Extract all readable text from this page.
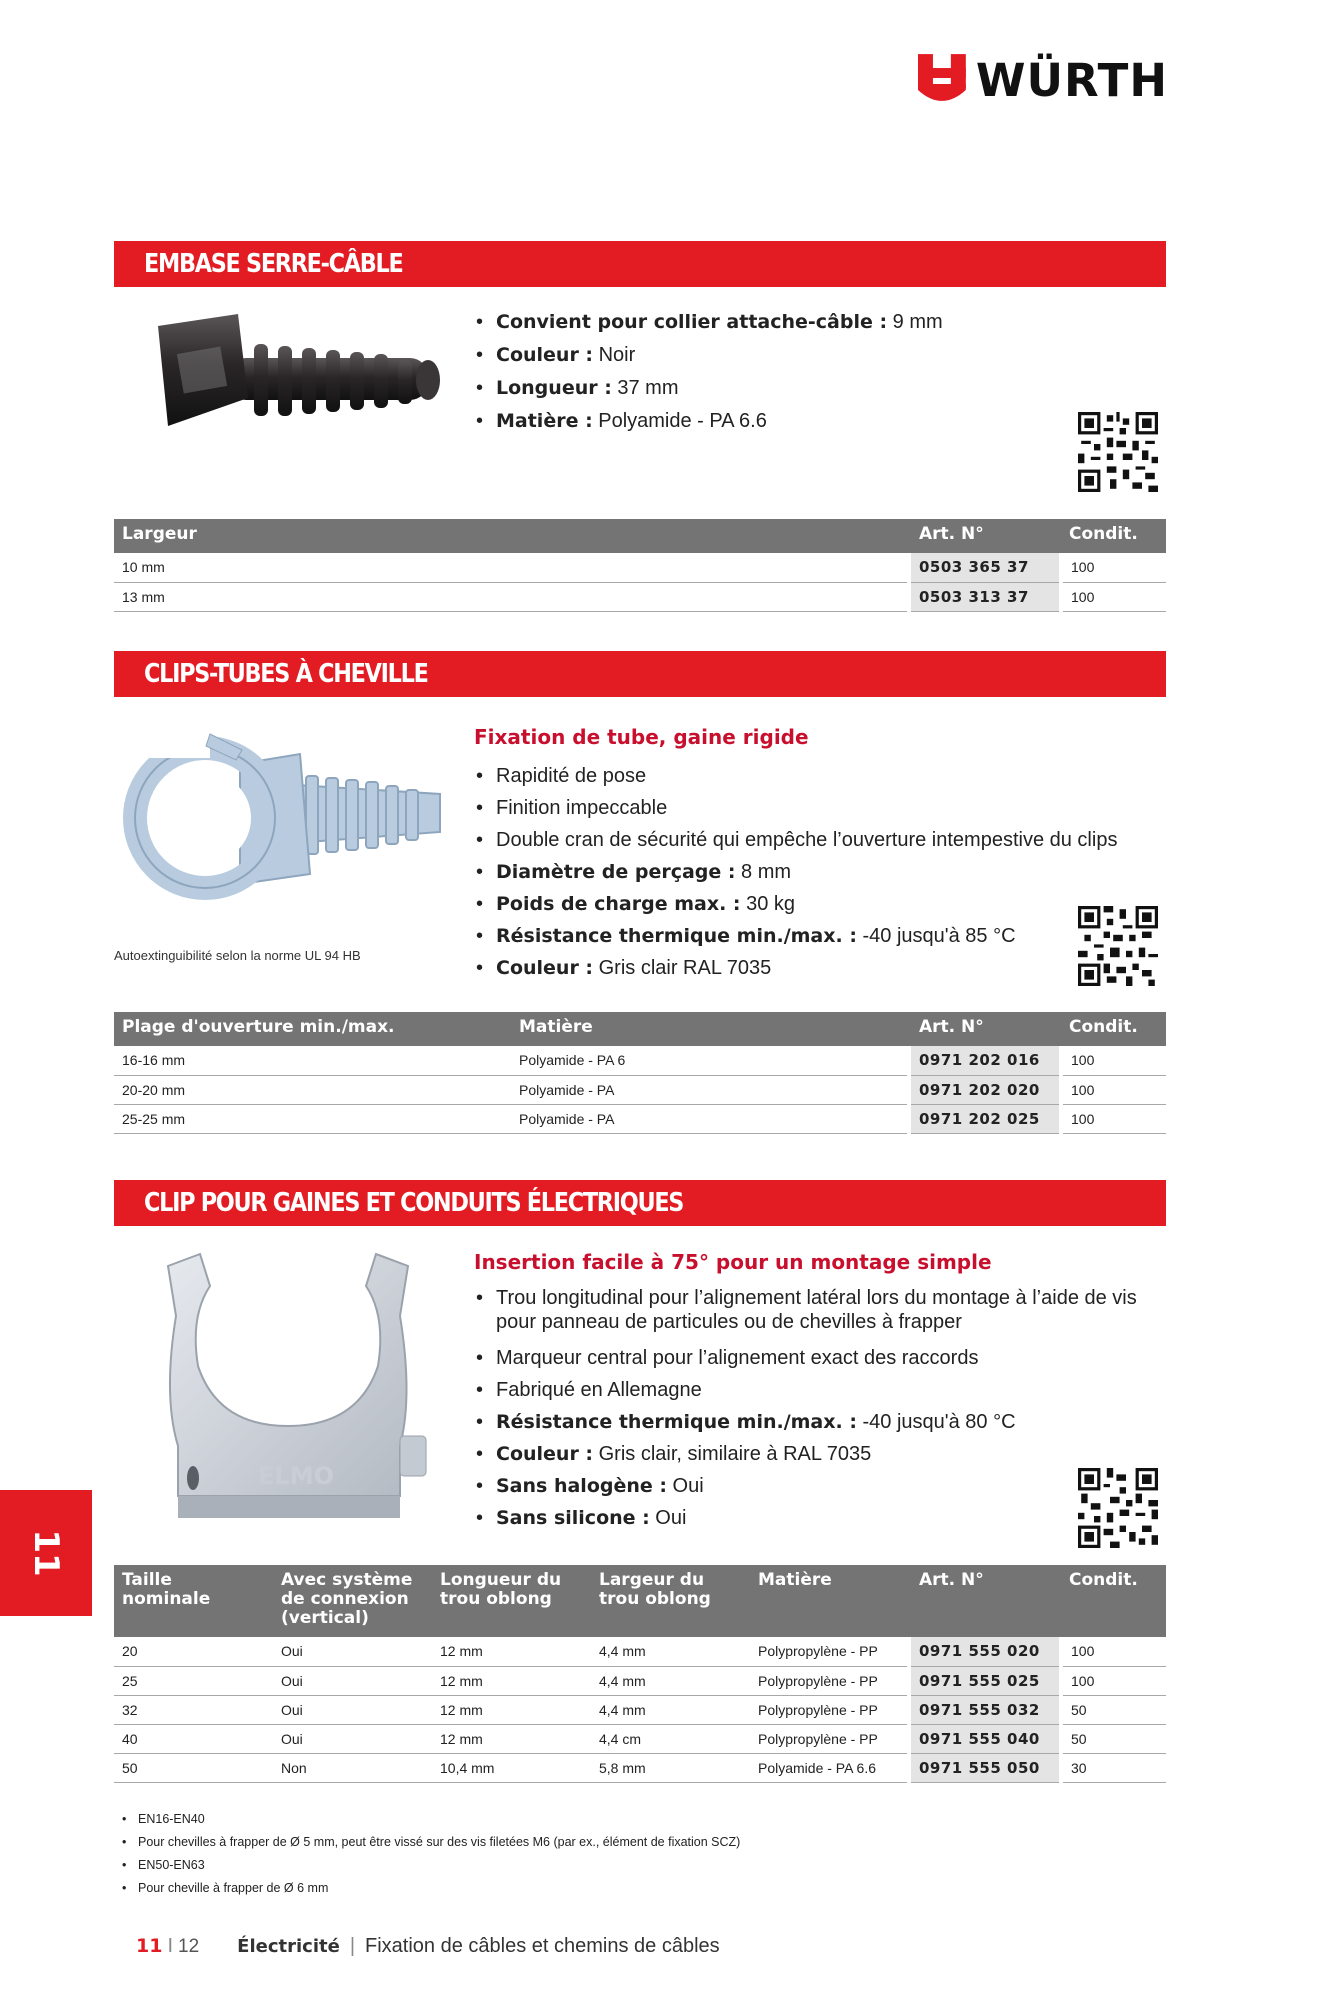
WÜRTH
EMBASE SERRE-CÂBLE
• Convient pour collier attache-câble : 9 mm
• Couleur : Noir
• Longueur : 37 mm
• Matière : Polyamide - PA 6.6
Largeur	Art. N°	Condit.
10 mm	0503 365 37	100
13 mm	0503 313 37	100
CLIPS-TUBES À CHEVILLE
Autoextinguibilité selon la norme UL 94 HB
Fixation de tube, gaine rigide
• Rapidité de pose
• Finition impeccable
• Double cran de sécurité qui empêche l’ouverture intempestive du clips
• Diamètre de perçage : 8 mm
• Poids de charge max. : 30 kg
• Résistance thermique min./max. : -40 jusqu'à 85 °C
• Couleur : Gris clair RAL 7035
Plage d'ouverture min./max.	Matière	Art. N°	Condit.
16-16 mm	Polyamide - PA 6	0971 202 016	100
20-20 mm	Polyamide - PA	0971 202 020	100
25-25 mm	Polyamide - PA	0971 202 025	100
CLIP POUR GAINES ET CONDUITS ÉLECTRIQUES
ELMO
Insertion facile à 75° pour un montage simple
• Trou longitudinal pour l’alignement latéral lors du montage à l’aide de vis pour panneau de particules ou de chevilles à frapper
• Marqueur central pour l’alignement exact des raccords
• Fabriqué en Allemagne
• Résistance thermique min./max. : -40 jusqu'à 80 °C
• Couleur : Gris clair, similaire à RAL 7035
• Sans halogène : Oui
• Sans silicone : Oui
Taille nominale	Avec système de connexion (vertical)	Longueur du trou oblong	Largeur du trou oblong	Matière	Art. N°	Condit.
20	Oui	12 mm	4,4 mm	Polypropylène - PP	0971 555 020	100
25	Oui	12 mm	4,4 mm	Polypropylène - PP	0971 555 025	100
32	Oui	12 mm	4,4 mm	Polypropylène - PP	0971 555 032	50
40	Oui	12 mm	4,4 cm	Polypropylène - PP	0971 555 040	50
50	Non	10,4 mm	5,8 mm	Polyamide - PA 6.6	0971 555 050	30
• EN16-EN40
• Pour chevilles à frapper de Ø 5 mm, peut être vissé sur des vis filetées M6 (par ex., élément de fixation SCZ)
• EN50-EN63
• Pour cheville à frapper de Ø 6 mm
11
11 I 12 Électricité | Fixation de câbles et chemins de câbles
